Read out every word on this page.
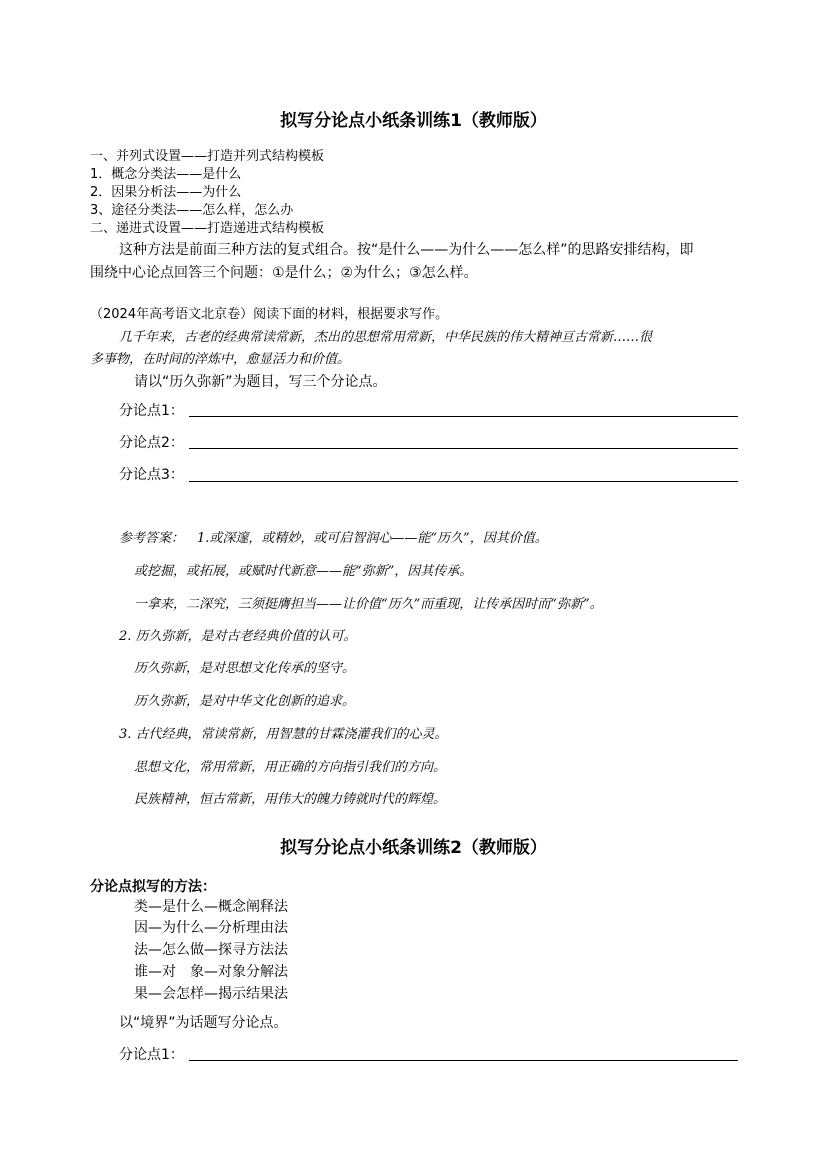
拟写分论点小纸条训练1（教师版）
一、并列式设置——打造并列式结构模板
1．概念分类法——是什么
2．因果分析法——为什么
3、途径分类法——怎么样，怎么办
二、递进式设置——打造递进式结构模板
这种方法是前面三种方法的复式组合。按“是什么——为什么——怎么样”的思路安排结构，即
围绕中心论点回答三个问题：①是什么；②为什么；③怎么样。
（2024年高考语文北京卷）阅读下面的材料，根据要求写作。
几千年来，古老的经典常读常新，杰出的思想常用常新，中华民族的伟大精神亘古常新……很
多事物，在时间的淬炼中，愈显活力和价值。
请以“历久弥新”为题目，写三个分论点。
分论点1：
分论点2：
分论点3：
参考答案： 1.或深邃，或精妙，或可启智润心——能“历久”，因其价值。
或挖掘，或拓展，或赋时代新意——能“弥新”，因其传承。
一拿来，二深究，三须挺膺担当——让价值“历久”而重现，让传承因时而“弥新”。
2. 历久弥新，是对古老经典价值的认可。
历久弥新，是对思想文化传承的坚守。
历久弥新，是对中华文化创新的追求。
3. 古代经典，常读常新，用智慧的甘霖浇灌我们的心灵。
思想文化，常用常新，用正确的方向指引我们的方向。
民族精神，恒古常新，用伟大的魄力铸就时代的辉煌。
拟写分论点小纸条训练2（教师版）
分论点拟写的方法：
类—是什么—概念阐释法
因—为什么—分析理由法
法—怎么做—探寻方法法
谁—对　象—对象分解法
果—会怎样—揭示结果法
以“境界”为话题写分论点。
分论点1：
